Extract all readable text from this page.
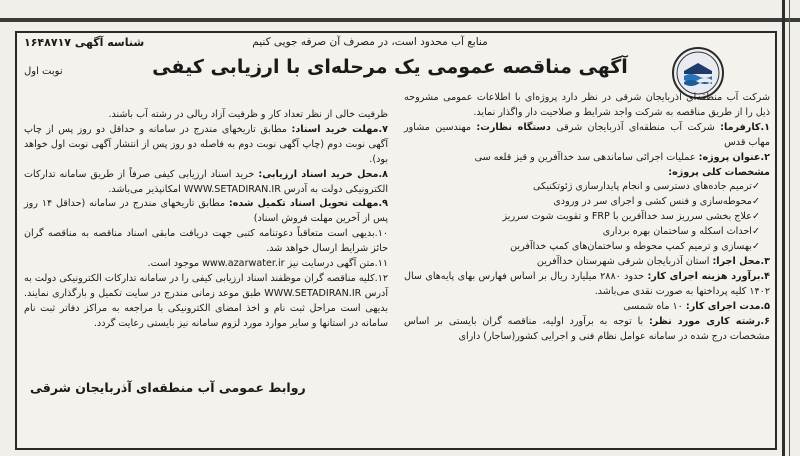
شناسه آگهی ۱۶۴۸۷۱۷	منابع آب محدود است، در مصرف آن صرفه جویی کنیم
نوبت اول	آگهی مناقصه عمومی یک مرحله‌ای با ارزیابی کیفی

شرکت آب منطقه‌ای آذربایجان شرقی در نظر دارد پروژه‌ای با اطلاعات عمومی مشروحه ذیل را از طریق مناقصه به شرکت واجد شرایط و صلاحیت دار واگذار نماید.

۱.کارفرما: شرکت آب منطقه‌ای آذربایجان شرقی دستگاه نظارت: مهندسین مشاور مهاب قدس

۲.عنوان پروژه: عملیات اجرائی ساماندهی سد خداآفرین و قیز قلعه سی

مشخصات کلی پروژه:

✓ ترمیم جاده‌های دسترسی و انجام پایدارسازی ژئوتکنیکی

✓ محوطه‌سازی و فنس کشی و اجرای سر در ورودی

✓ علاج بخشی سرریز سد خداآفرین با FRP و تقویت شوت سرریز

✓ احداث اسکله و ساختمان بهره برداری

✓ بهسازی و ترمیم کمپ محوطه و ساختمان‌های کمپ خداآفرین

۳.محل اجرا: استان آذربایجان شرقی شهرستان خداآفرین

۴.برآورد هزینه اجرای کار: حدود ۲۸۸۰ میلیارد ریال بر اساس فهارس بهای پایه‌های سال ۱۴۰۲ کلیه پرداختها به صورت نقدی می‌باشد.

۵.مدت اجرای کار: ۱۰ ماه شمسی

۶.رشته کاری مورد نظر: با توجه به برآورد اولیه، مناقصه گران بایستی بر اساس مشخصات درج شده در سامانه عوامل نظام فنی و اجرایی کشور(ساجار) دارای

ظرفیت خالی از نظر تعداد کار و ظرفیت آزاد ریالی در رشته آب باشند.

۷.مهلت خرید اسناد: مطابق تاریخهای مندرج در سامانه و حداقل دو روز پس از چاپ آگهی نوبت دوم (چاپ آگهی نوبت دوم به فاصله دو روز پس از انتشار آگهی نوبت اول خواهد بود).

۸.محل خرید اسناد ارزیابی: خرید اسناد ارزیابی کیفی صرفاً از طریق سامانه تدارکات الکترونیکی دولت به آدرس WWW.SETADIRAN.IR امکانپذیر می‌باشد.

۹.مهلت تحویل اسناد تکمیل شده: مطابق تاریخهای مندرج در سامانه (حداقل ۱۴ روز پس از آخرین مهلت فروش اسناد)

۱۰.بدیهی است متعاقباً دعوتنامه کتبی جهت دریافت مابقی اسناد مناقصه به مناقصه گران حائز شرایط ارسال خواهد شد.

۱۱.متن آگهی درسایت نیز www.azarwater.ir موجود است.

۱۲.کلیه مناقصه گران موظفند اسناد ارزیابی کیفی را در سامانه تدارکات الکترونیکی دولت به آدرس WWW.SETADIRAN.IR طبق موعد زمانی مندرج در سایت تکمیل و بارگذاری نمایند. بدیهی است مراحل ثبت نام و اخذ امضای الکترونیکی با مراجعه به مراکز دفاتر ثبت نام سامانه در استانها و سایر موارد مورد لزوم سامانه نیز بایستی رعایت گردد.

روابط عمومی آب منطقه‌ای آذربایجان شرقی
